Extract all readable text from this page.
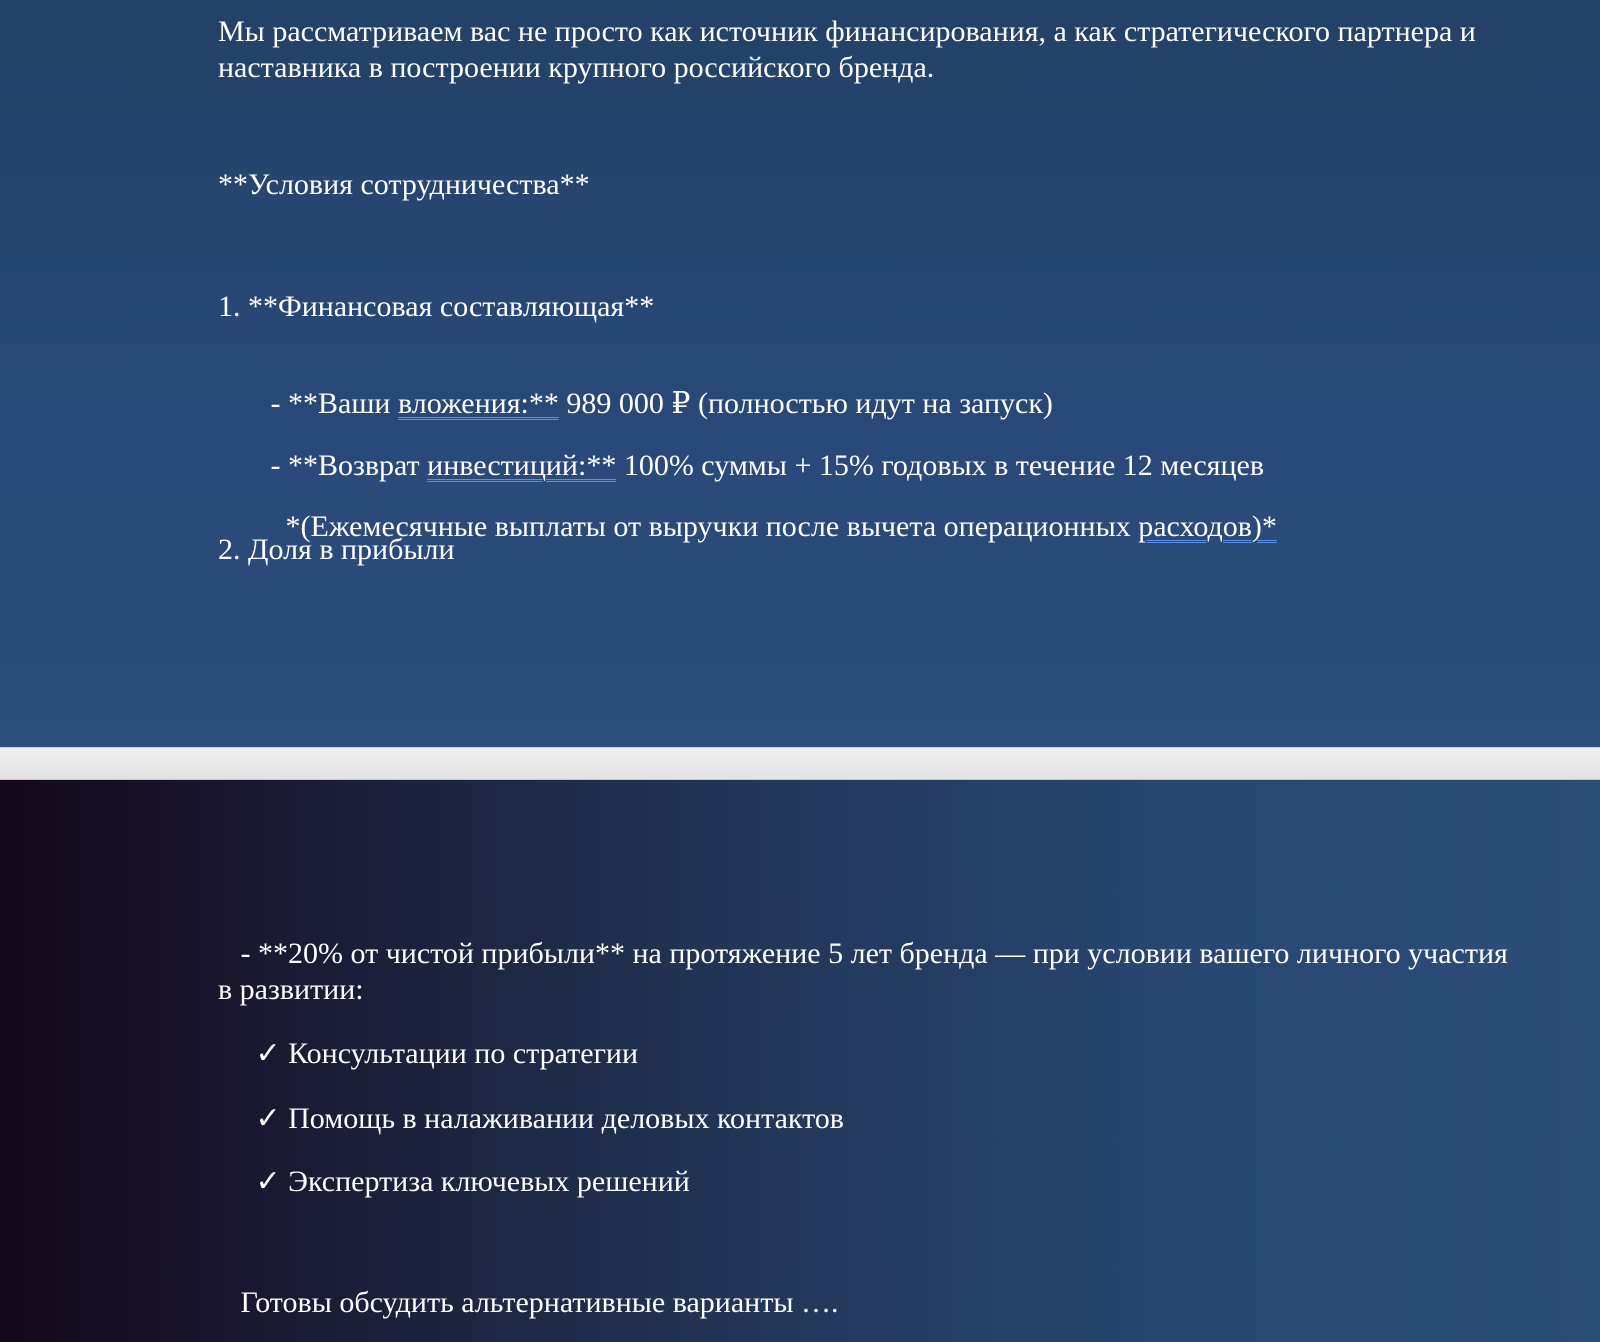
Мы рассматриваем вас не просто как источник финансирования, а как стратегического партнера и наставника в построении крупного российского бренда.
**Условия сотрудничества**
1. **Финансовая составляющая**

- **Ваши вложения:** 989 000 ₽ (полностью идут на запуск)

- **Возврат инвестиций:** 100% суммы + 15% годовых в течение 12 месяцев

*(Ежемесячные выплаты от выручки после вычета операционных расходов)*

2. Доля в прибыли
- **20% от чистой прибыли** на протяжение 5 лет бренда — при условии вашего личного участия в развитии:
✓ Консультации по стратегии
✓ Помощь в налаживании деловых контактов
✓ Экспертиза ключевых решений
Готовы обсудить альтернативные варианты ….
